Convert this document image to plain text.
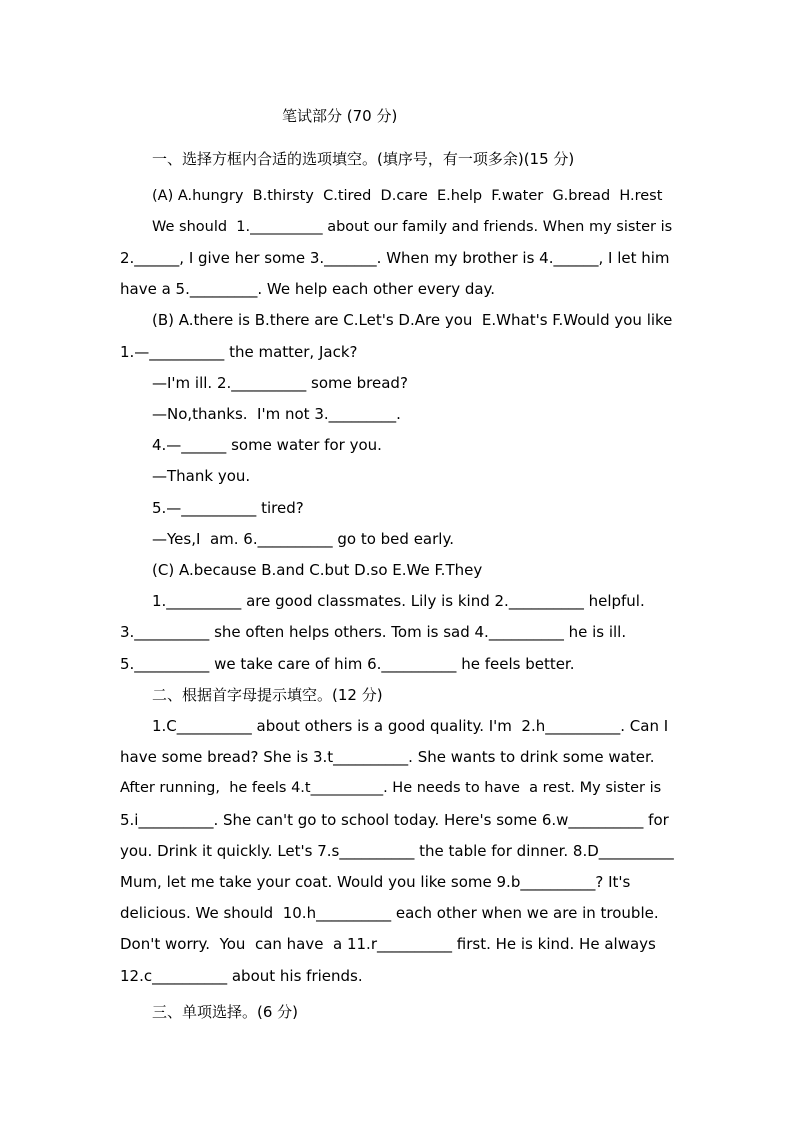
笔试部分 (70 分)
一、选择方框内合适的选项填空。(填序号，有一项多余)(15 分)
(A) A.hungry  B.thirsty  C.tired  D.care  E.help  F.water  G.bread  H.rest
We should  1.__________ about our family and friends. When my sister is
2.______, I give her some 3._______. When my brother is 4.______, I let him
have a 5._________. We help each other every day.
(B) A.there is B.there are C.Let's D.Are you  E.What's F.Would you like
1.—__________ the matter, Jack?
—I'm ill. 2.__________ some bread?
—No,thanks.  I'm not 3._________.
4.—______ some water for you.
—Thank you.
5.—__________ tired?
—Yes,I  am. 6.__________ go to bed early.
(C) A.because B.and C.but D.so E.We F.They
1.__________ are good classmates. Lily is kind 2.__________ helpful.
3.__________ she often helps others. Tom is sad 4.__________ he is ill.
5.__________ we take care of him 6.__________ he feels better.
二、根据首字母提示填空。(12 分)
1.C__________ about others is a good quality. I'm  2.h__________. Can I
have some bread? She is 3.t__________. She wants to drink some water.
After running,  he feels 4.t__________. He needs to have  a rest. My sister is
5.i__________. She can't go to school today. Here's some 6.w__________ for
you. Drink it quickly. Let's 7.s__________ the table for dinner. 8.D__________
Mum, let me take your coat. Would you like some 9.b__________? It's
delicious. We should  10.h__________ each other when we are in trouble.
Don't worry.  You  can have  a 11.r__________ first. He is kind. He always
12.c__________ about his friends.
三、单项选择。(6 分)
